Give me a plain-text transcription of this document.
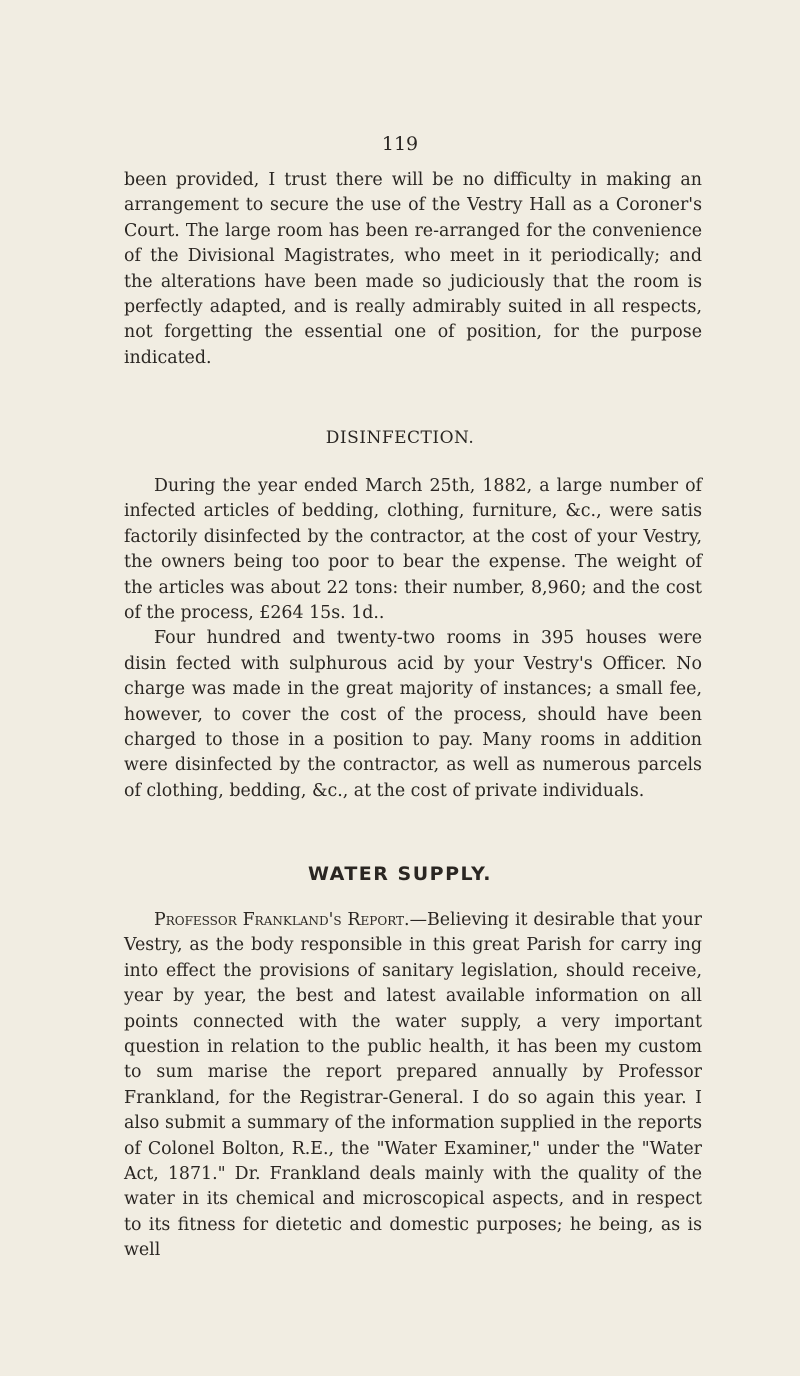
119

been provided, I trust there will be no difficulty in making an arrangement to secure the use of the Vestry Hall as a Coroner's Court. The large room has been re-arranged for the convenience of the Divisional Magistrates, who meet in it periodically; and the alterations have been made so judiciously that the room is perfectly adapted, and is really admirably suited in all respects, not forgetting the essential one of position, for the purpose indicated.

DISINFECTION.

During the year ended March 25th, 1882, a large number of infected articles of bedding, clothing, furniture, &c., were satis factorily disinfected by the contractor, at the cost of your Vestry, the owners being too poor to bear the expense. The weight of the articles was about 22 tons: their number, 8,960; and the cost of the process, £264 15s. 1d..

Four hundred and twenty-two rooms in 395 houses were disin fected with sulphurous acid by your Vestry's Officer. No charge was made in the great majority of instances; a small fee, however, to cover the cost of the process, should have been charged to those in a position to pay. Many rooms in addition were disinfected by the contractor, as well as numerous parcels of clothing, bedding, &c., at the cost of private individuals.

WATER SUPPLY.

Professor Frankland's Report.—Believing it desirable that your Vestry, as the body responsible in this great Parish for carry ing into effect the provisions of sanitary legislation, should receive, year by year, the best and latest available information on all points connected with the water supply, a very important question in relation to the public health, it has been my custom to sum marise the report prepared annually by Professor Frankland, for the Registrar-General. I do so again this year. I also submit a summary of the information supplied in the reports of Colonel Bolton, R.E., the "Water Examiner," under the "Water Act, 1871." Dr. Frankland deals mainly with the quality of the water in its chemical and microscopical aspects, and in respect to its fitness for dietetic and domestic purposes; he being, as is well
